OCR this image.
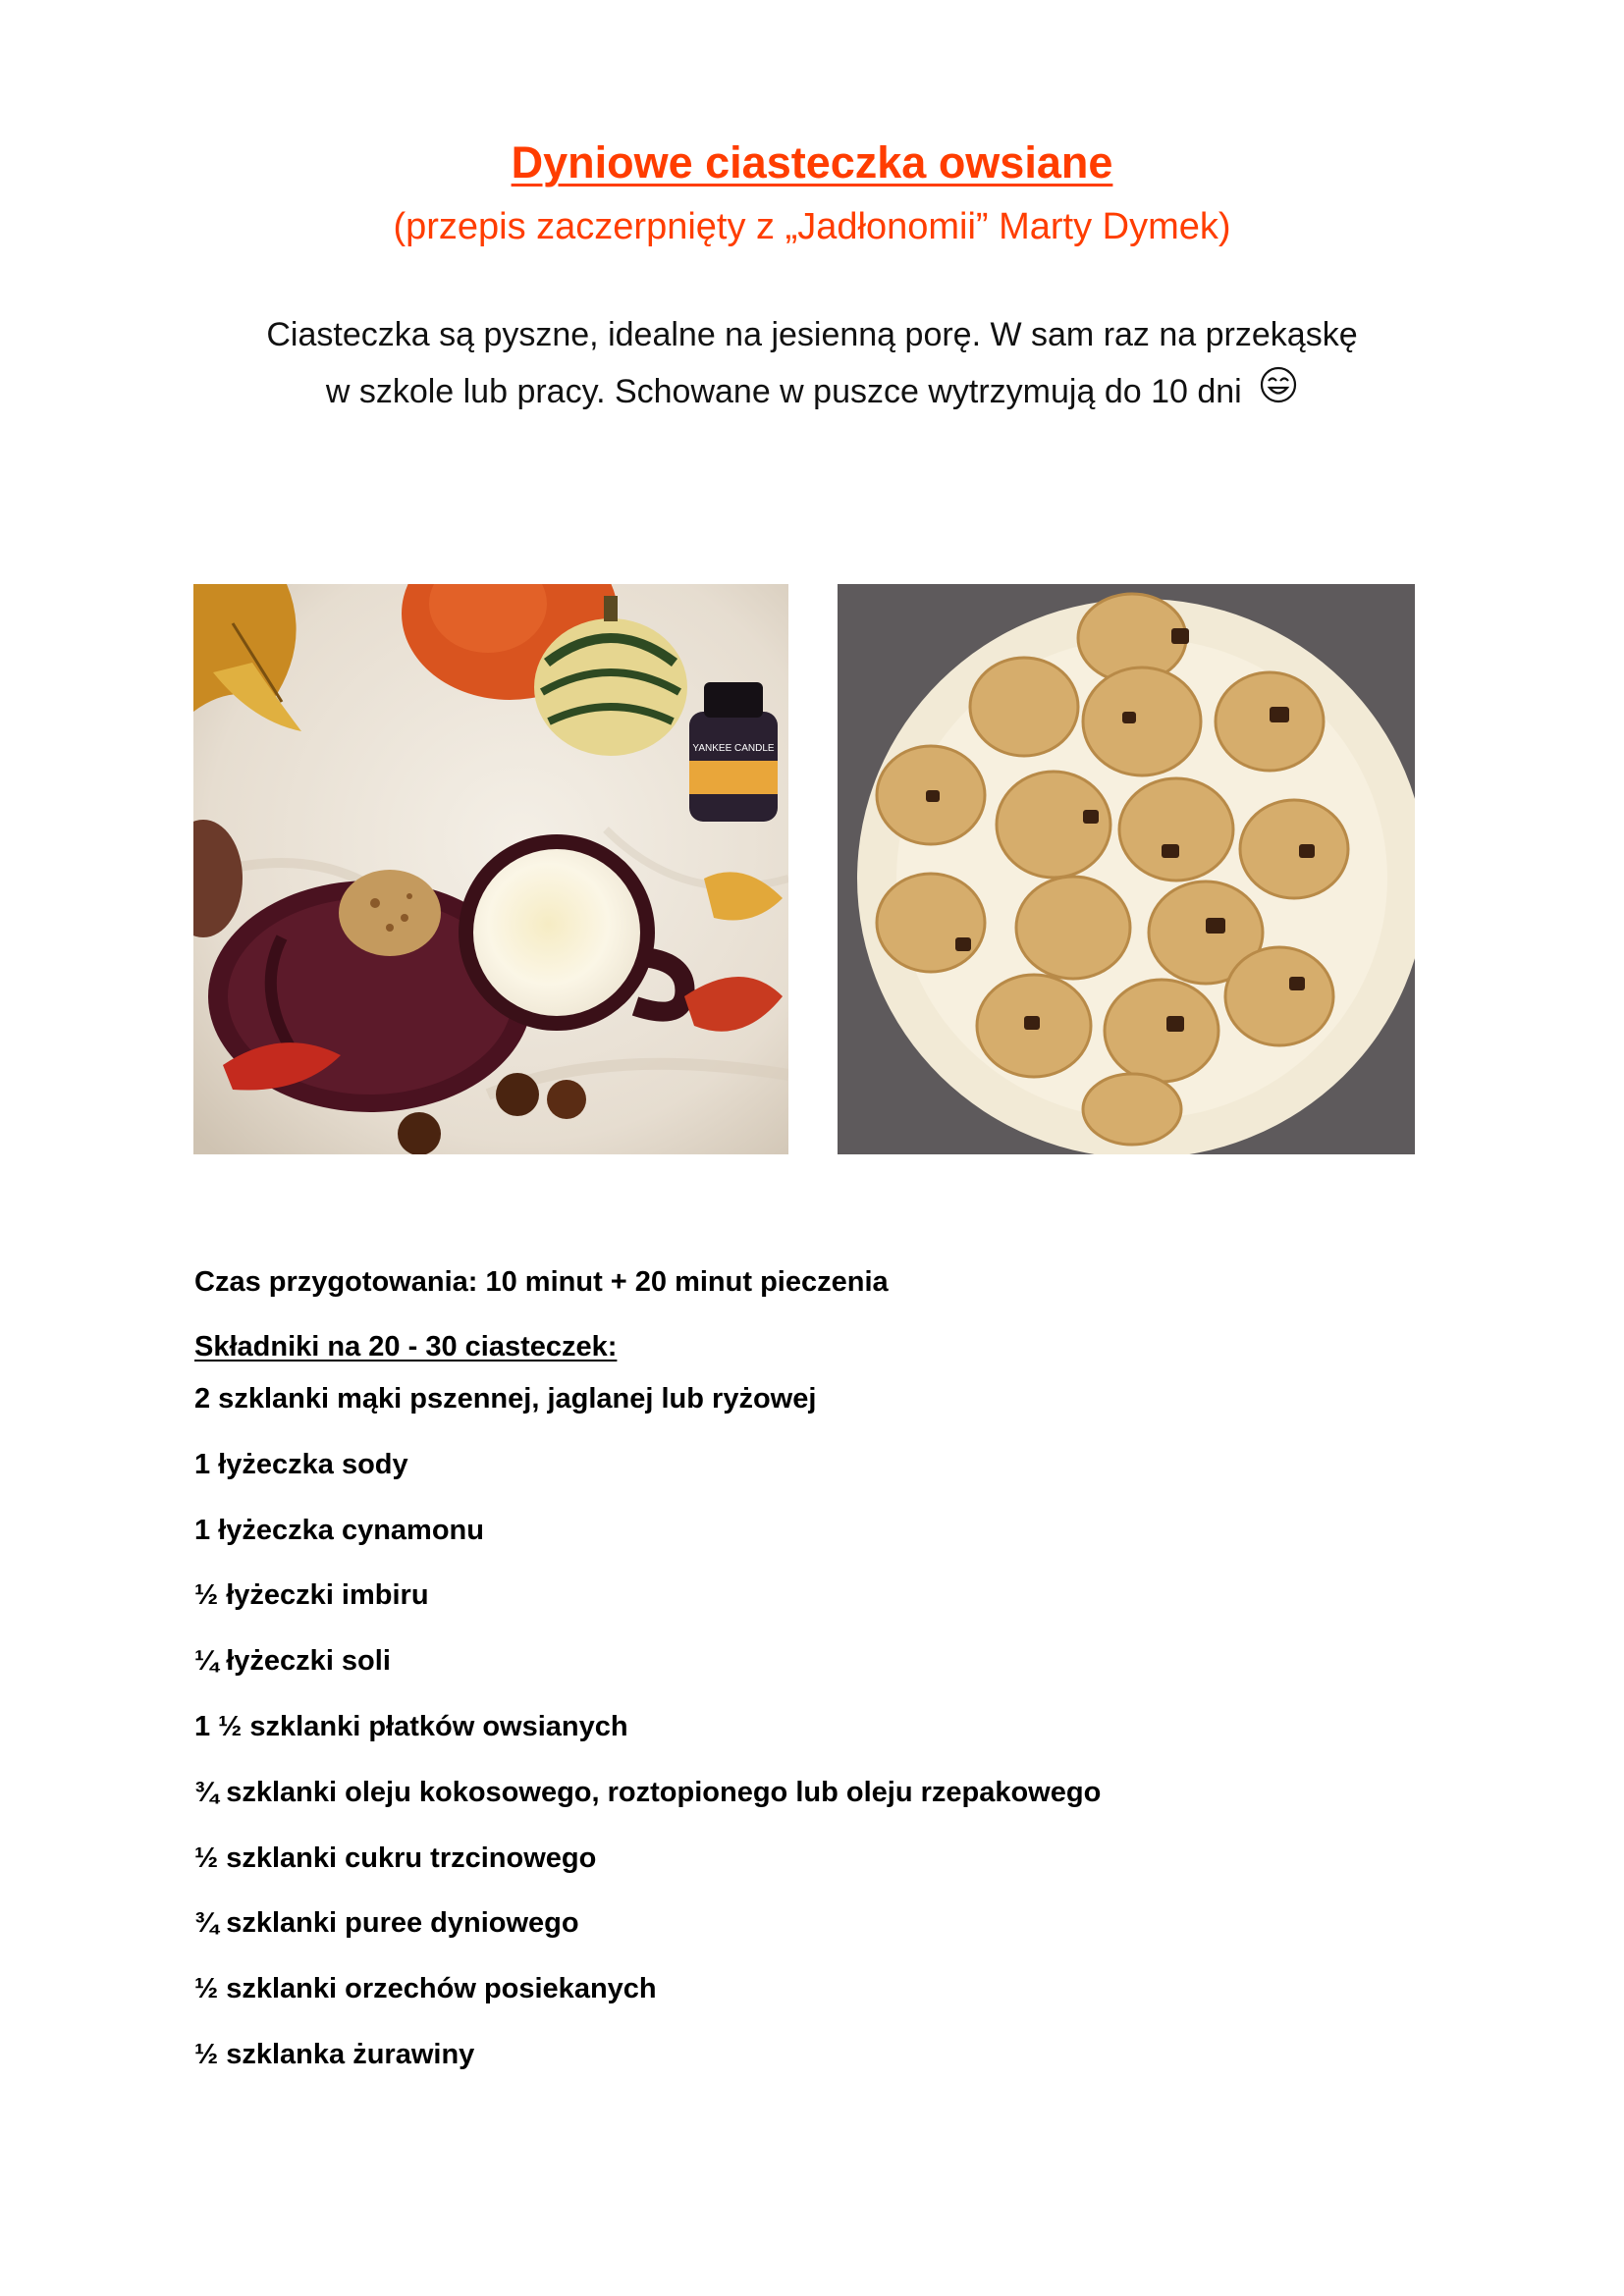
Dyniowe ciasteczka owsiane
(przepis zaczerpnięty z „Jadłonomii” Marty Dymek)
Ciasteczka są pyszne, idealne na jesienną porę. W sam raz na przekąskę
w szkole lub pracy. Schowane w puszce wytrzymują do 10 dni
YANKEE CANDLE
Czas przygotowania: 10 minut + 20 minut pieczenia
Składniki na 20 - 30 ciasteczek:
2 szklanki mąki pszennej, jaglanej lub ryżowej
1 łyżeczka sody
1 łyżeczka cynamonu
½ łyżeczki imbiru
¼ łyżeczki soli
1 ½ szklanki płatków owsianych
¾ szklanki oleju kokosowego, roztopionego lub oleju rzepakowego
½ szklanki cukru trzcinowego
¾ szklanki puree dyniowego
½ szklanki orzechów posiekanych
½ szklanka żurawiny
